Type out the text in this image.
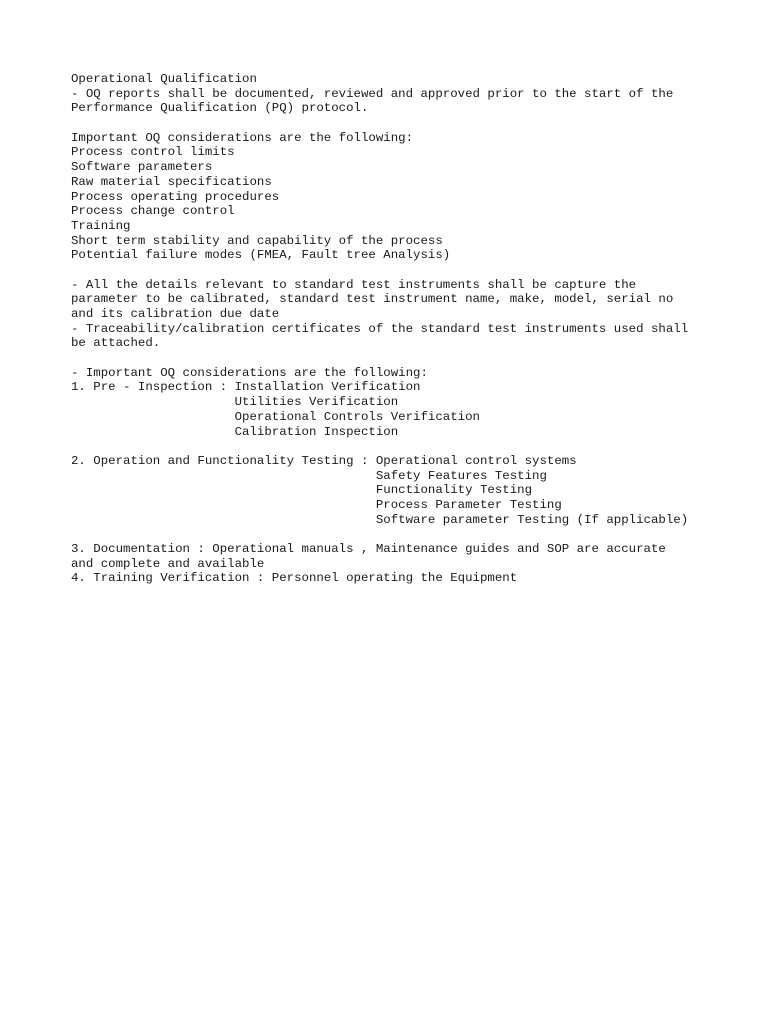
Operational Qualification
- OQ reports shall be documented, reviewed and approved prior to the start of the
Performance Qualification (PQ) protocol.
Important OQ considerations are the following:
Process control limits
Software parameters
Raw material specifications
Process operating procedures
Process change control
Training
Short term stability and capability of the process
Potential failure modes (FMEA, Fault tree Analysis)
- All the details relevant to standard test instruments shall be capture the
parameter to be calibrated, standard test instrument name, make, model, serial no
and its calibration due date
- Traceability/calibration certificates of the standard test instruments used shall
be attached.
- Important OQ considerations are the following:
1. Pre - Inspection : Installation Verification
Utilities Verification
Operational Controls Verification
Calibration Inspection
2. Operation and Functionality Testing : Operational control systems
Safety Features Testing
Functionality Testing
Process Parameter Testing
Software parameter Testing (If applicable)
3. Documentation : Operational manuals , Maintenance guides and SOP are accurate
and complete and available
4. Training Verification : Personnel operating the Equipment
